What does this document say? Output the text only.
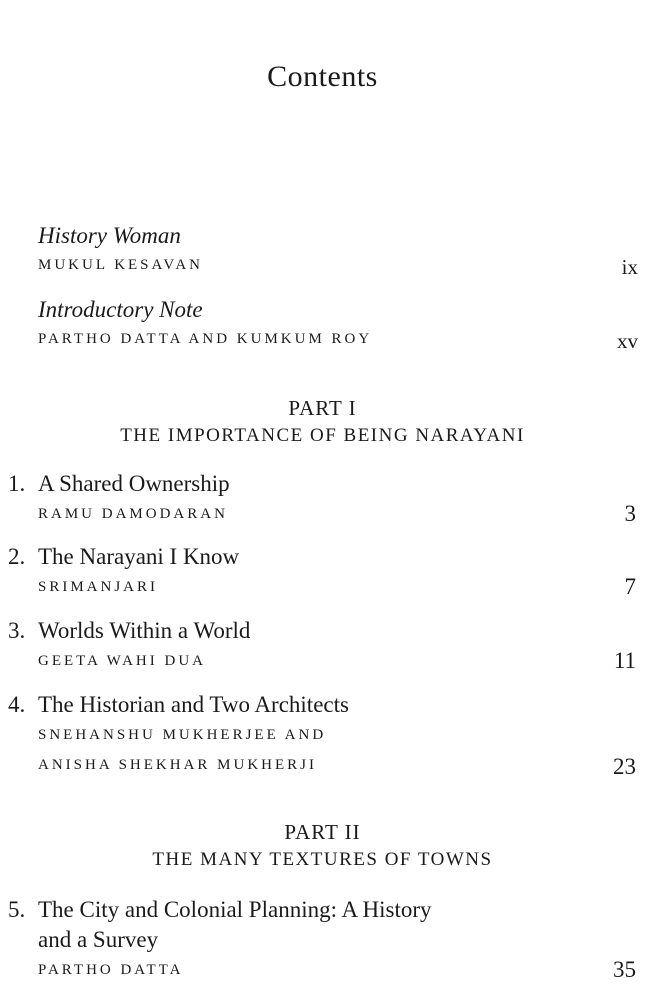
Contents
History Woman
MUKUL KESAVAN	ix
Introductory Note
PARTHO DATTA AND KUMKUM ROY	xv
PART I
THE IMPORTANCE OF BEING NARAYANI
1. A Shared Ownership
RAMU DAMODARAN	3
2. The Narayani I Know
SRIMANJARI	7
3. Worlds Within a World
GEETA WAHI DUA	11
4. The Historian and Two Architects
SNEHANSHU MUKHERJEE AND
ANISHA SHEKHAR MUKHERJI	23
PART II
THE MANY TEXTURES OF TOWNS
5. The City and Colonial Planning: A History
and a Survey
PARTHO DATTA	35
